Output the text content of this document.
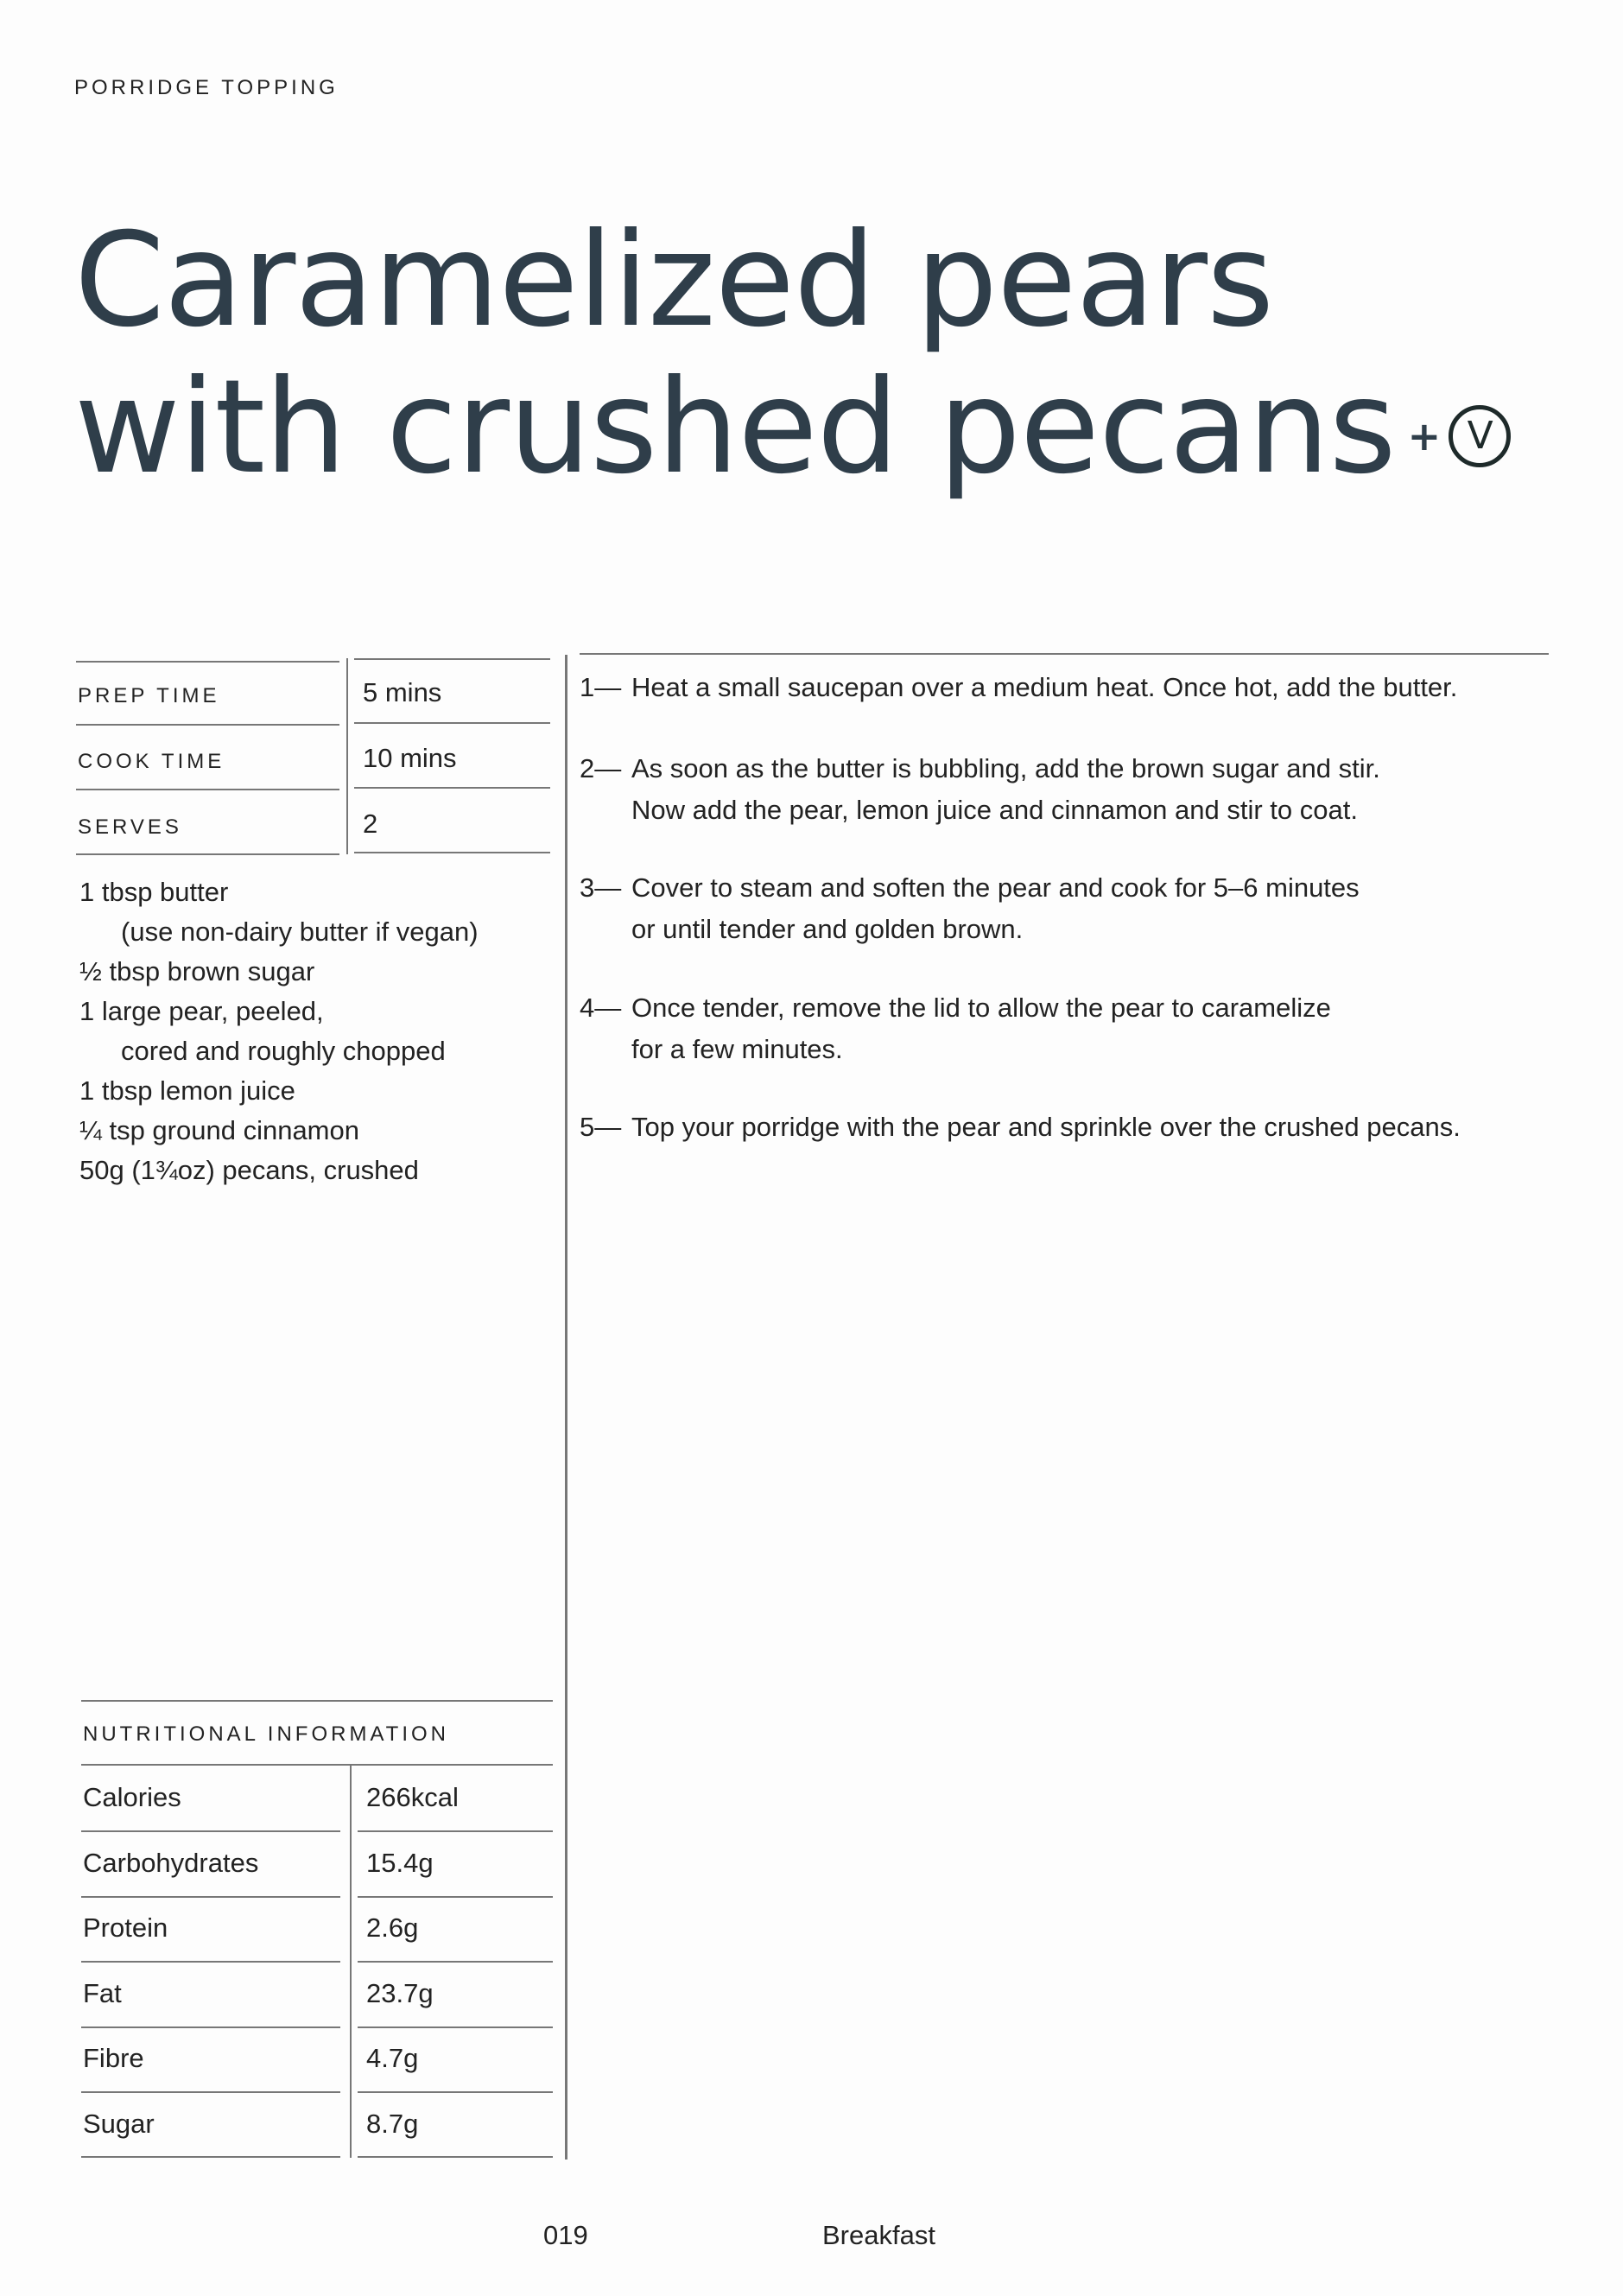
PORRIDGE TOPPING
Caramelized pears
with crushed pecans + V
PREP TIME	5 mins
COOK TIME	10 mins
SERVES	2
1 tbsp butter
(use non-dairy butter if vegan)
½ tbsp brown sugar
1 large pear, peeled,
cored and roughly chopped
1 tbsp lemon juice
¼ tsp ground cinnamon
50g (1¾oz) pecans, crushed
1— Heat a small saucepan over a medium heat. Once hot, add the butter.
2— As soon as the butter is bubbling, add the brown sugar and stir.
Now add the pear, lemon juice and cinnamon and stir to coat.
3— Cover to steam and soften the pear and cook for 5–6 minutes
or until tender and golden brown.
4— Once tender, remove the lid to allow the pear to caramelize
for a few minutes.
5— Top your porridge with the pear and sprinkle over the crushed pecans.
NUTRITIONAL INFORMATION
Calories	266kcal
Carbohydrates	15.4g
Protein	2.6g
Fat	23.7g
Fibre	4.7g
Sugar	8.7g
019	Breakfast
